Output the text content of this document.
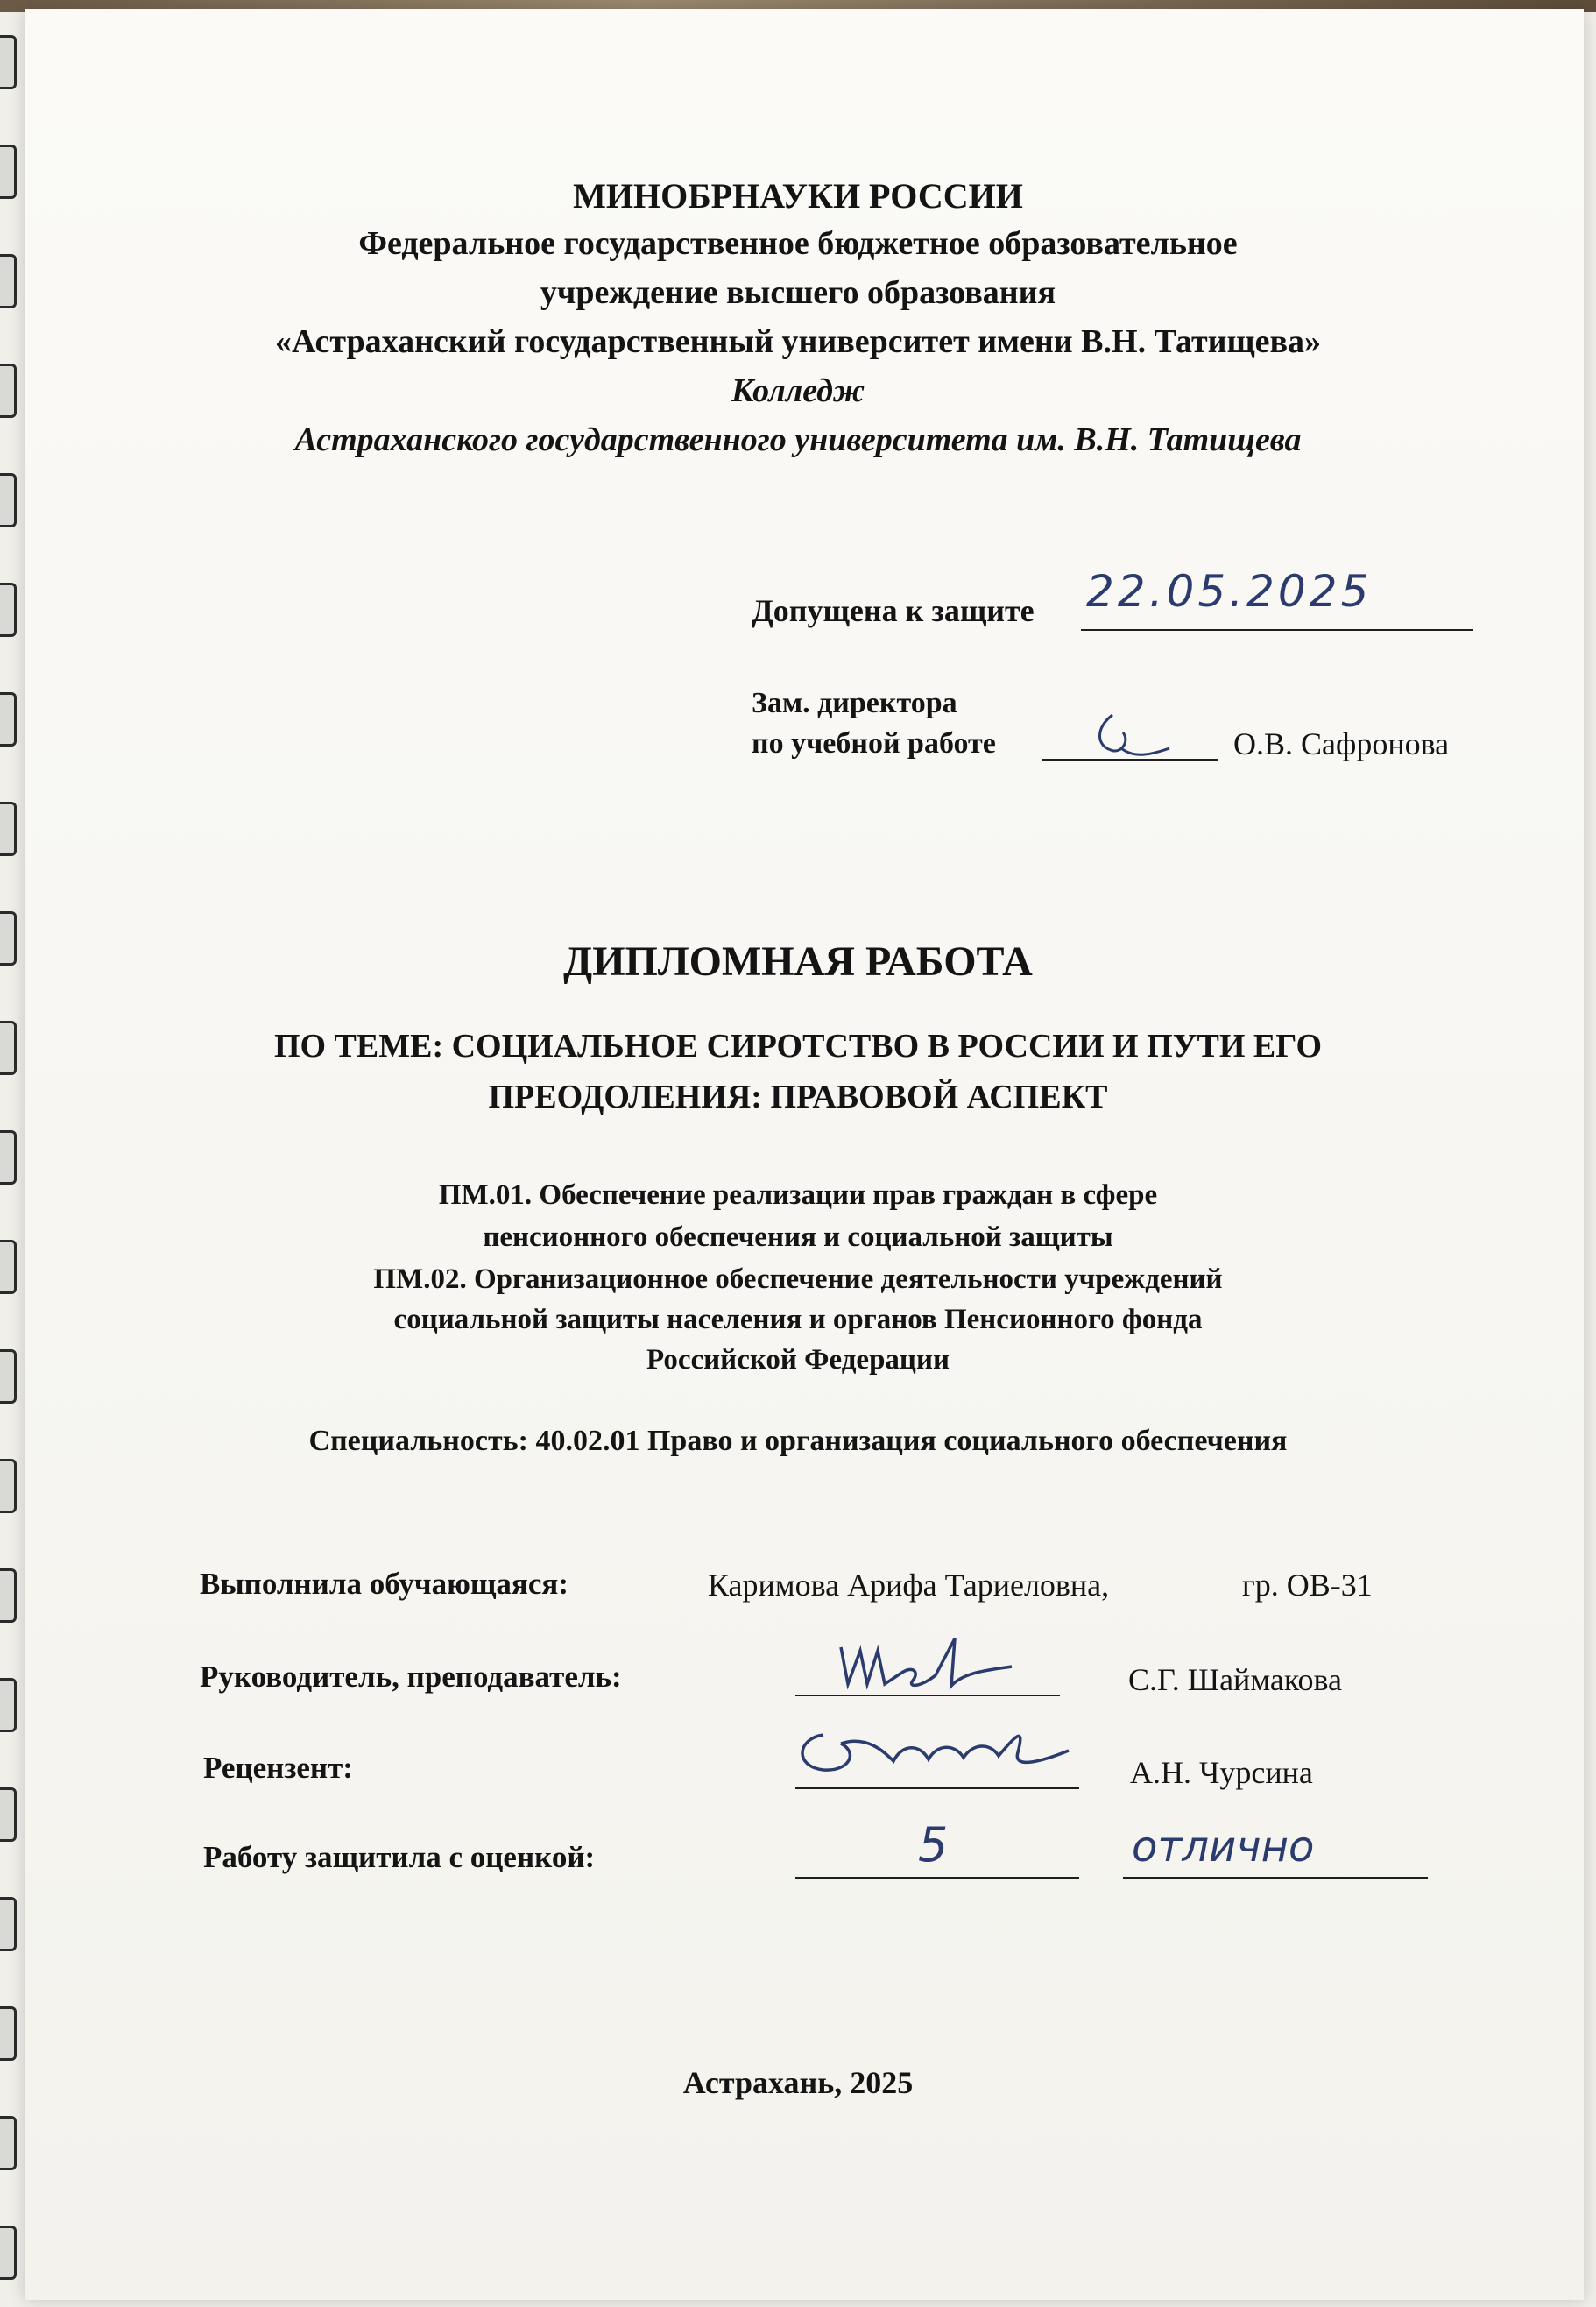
МИНОБРНАУКИ РОССИИ
Федеральное государственное бюджетное образовательное
учреждение высшего образования
«Астраханский государственный университет имени В.Н. Татищева»
Колледж
Астраханского государственного университета им. В.Н. Татищева
Допущена к защите 22.05.2025
Зам. директора
по учебной работе	О.В. Сафронова
ДИПЛОМНАЯ РАБОТА
ПО ТЕМЕ: СОЦИАЛЬНОЕ СИРОТСТВО В РОССИИ И ПУТИ ЕГО
ПРЕОДОЛЕНИЯ: ПРАВОВОЙ АСПЕКТ
ПМ.01. Обеспечение реализации прав граждан в сфере
пенсионного обеспечения и социальной защиты
ПМ.02. Организационное обеспечение деятельности учреждений
социальной защиты населения и органов Пенсионного фонда
Российской Федерации
Специальность: 40.02.01 Право и организация социального обеспечения
Выполнила обучающаяся:	Каримова Арифа Тариеловна,	гр. ОВ-31
Руководитель, преподаватель:	С.Г. Шаймакова
Рецензент:	А.Н. Чурсина
Работу защитила с оценкой:	5	отлично
Астрахань, 2025
